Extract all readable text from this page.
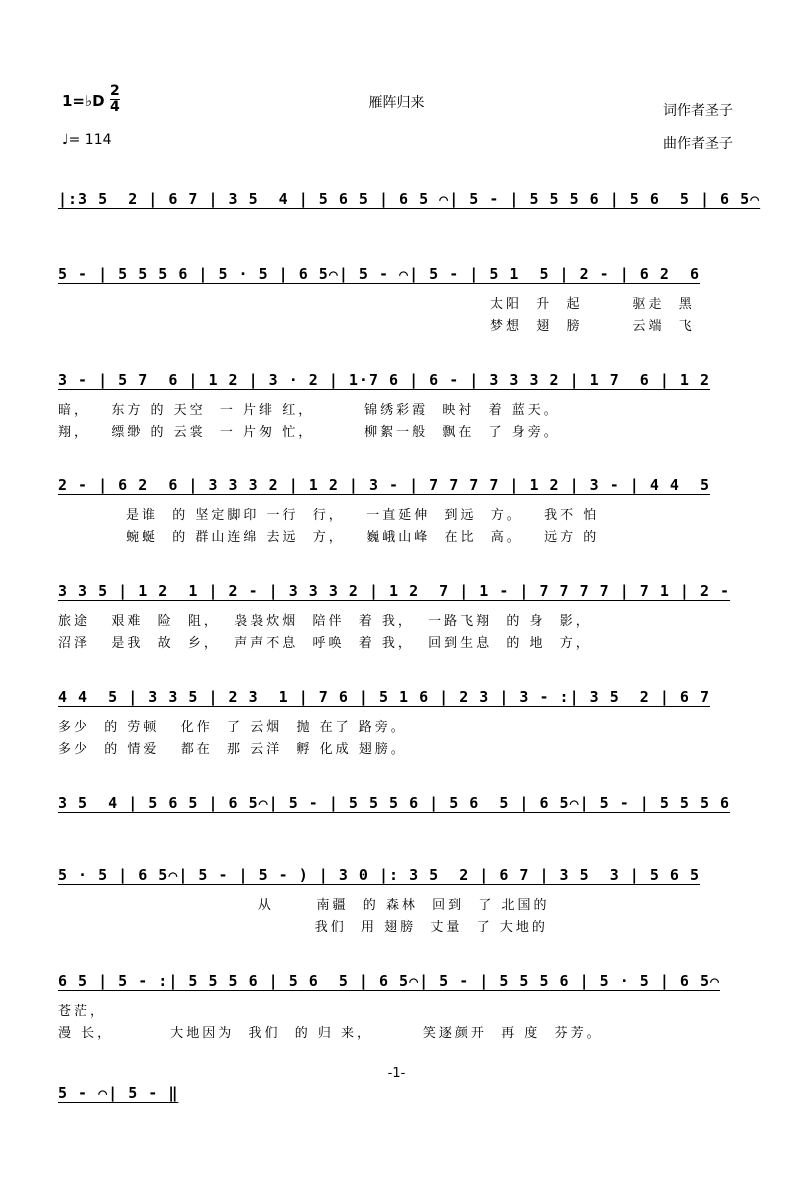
1=♭D
2
4
♩= 114
雁阵归来	词作者圣子
曲作者圣子
|:3 5  2 | 6 7 | 3 5  4 | 5 6 5 | 6 5 ⌒| 5 - | 5 5 5 6 | 5 6  5 | 6 5⌒
5 - | 5 5 5 6 | 5 · 5 | 6 5⌒| 5 - ⌒| 5 - | 5 1  5 | 2 - | 6 2  6
太阳  升  起       驱走  黑
梦想  翅  膀       云端  飞
3 - | 5 7  6 | 1 2 | 3 · 2 | 1·7 6 | 6 - | 3 3 3 2 | 1 7  6 | 1 2
暗，   东方 的 天空  一 片绯 红，       锦绣彩霞  映衬  着 蓝天。
翔，   缥缈 的 云裳  一 片匆 忙，       柳絮一般  飘在  了 身旁。
2 - | 6 2  6 | 3 3 3 2 | 1 2 | 3 - | 7 7 7 7 | 1 2 | 3 - | 4 4  5
是谁  的 坚定脚印 一行  行，   一直延伸  到远  方。   我不 怕
蜿蜒  的 群山连绵 去远  方，   巍峨山峰  在比  高。   远方 的
3 3 5 | 1 2  1 | 2 - | 3 3 3 2 | 1 2  7 | 1 - | 7 7 7 7 | 7 1 | 2 -
旅途   艰难  险  阻，  袅袅炊烟  陪伴  着 我，  一路飞翔  的 身  影，
沼泽   是我  故  乡，  声声不息  呼唤  着 我，  回到生息  的 地  方，
4 4  5 | 3 3 5 | 2 3  1 | 7 6 | 5 1 6 | 2 3 | 3 - :| 3 5  2 | 6 7
多少  的 劳顿   化作  了 云烟  抛 在了 路旁。
多少  的 情爱   都在  那 云洋  孵 化成 翅膀。
3 5  4 | 5 6 5 | 6 5⌒| 5 - | 5 5 5 6 | 5 6  5 | 6 5⌒| 5 - | 5 5 5 6
5 · 5 | 6 5⌒| 5 - | 5 - ) | 3 0 |: 3 5  2 | 6 7 | 3 5  3 | 5 6 5
从      南疆  的 森林  回到  了 北国的
我们  用 翅膀  丈量  了 大地的
6 5 | 5 - :| 5 5 5 6 | 5 6  5 | 6 5⌒| 5 - | 5 5 5 6 | 5 · 5 | 6 5⌒
苍茫，
漫 长，        大地因为  我们  的 归 来，       笑逐颜开  再 度  芬芳。
5 - ⌒| 5 - ‖
-1-
